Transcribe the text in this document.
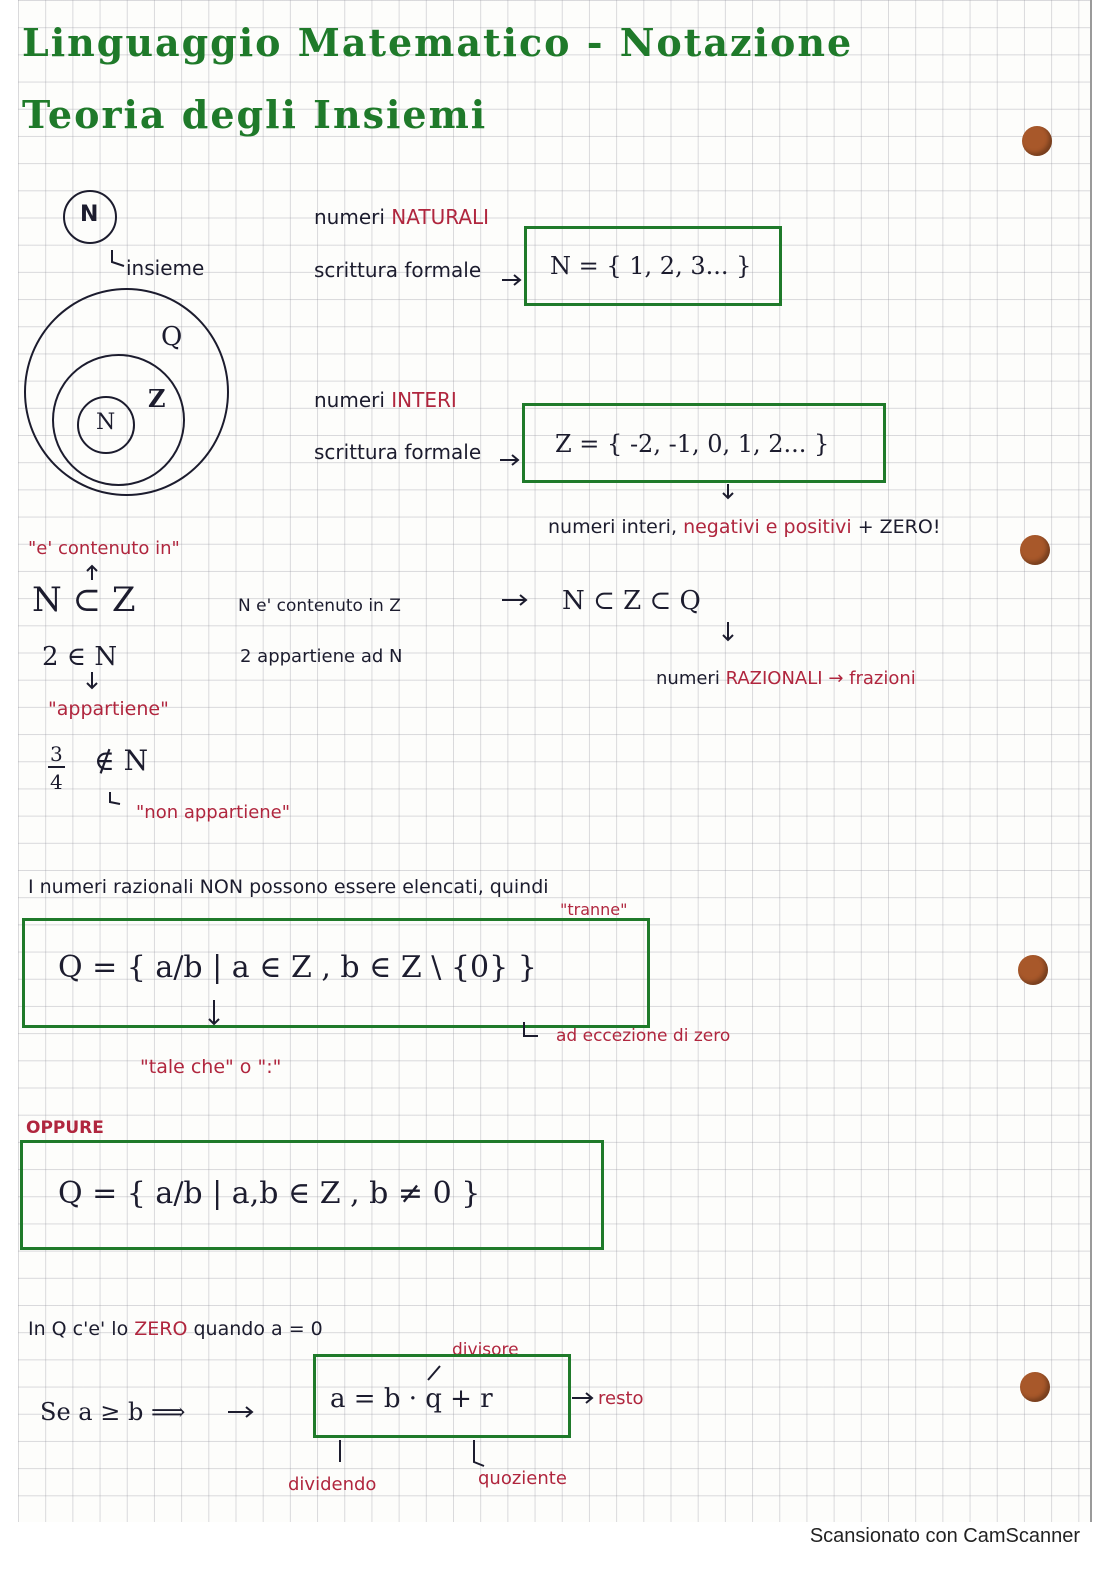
Linguaggio Matematico - Notazione
Teoria degli Insiemi
N
insieme
Q
Z
N
numeri NATURALI
scrittura formale	N = { 1, 2, 3... }
numeri INTERI
scrittura formale	Z = { -2, -1, 0, 1, 2... }
numeri interi, negativi e positivi + ZERO!
"e' contenuto in"
N ⊂ Z	N e' contenuto in Z	N ⊂ Z ⊂ Q
numeri RAZIONALI → frazioni
2 ∈ N	2 appartiene ad N
"appartiene"
3
4
∉ N
"non appartiene"
I numeri razionali NON possono essere elencati, quindi
"tranne"
Q = { a/b | a ∈ Z , b ∈ Z \ {0} }
"tale che" o ":"
ad eccezione di zero
OPPURE
Q = { a/b | a,b ∈ Z , b ≠ 0 }
In Q c'e' lo ZERO quando a = 0
divisore
Se a ≥ b ⟹	a = b · q + r	resto
dividendo	quoziente
Scansionato con CamScanner
